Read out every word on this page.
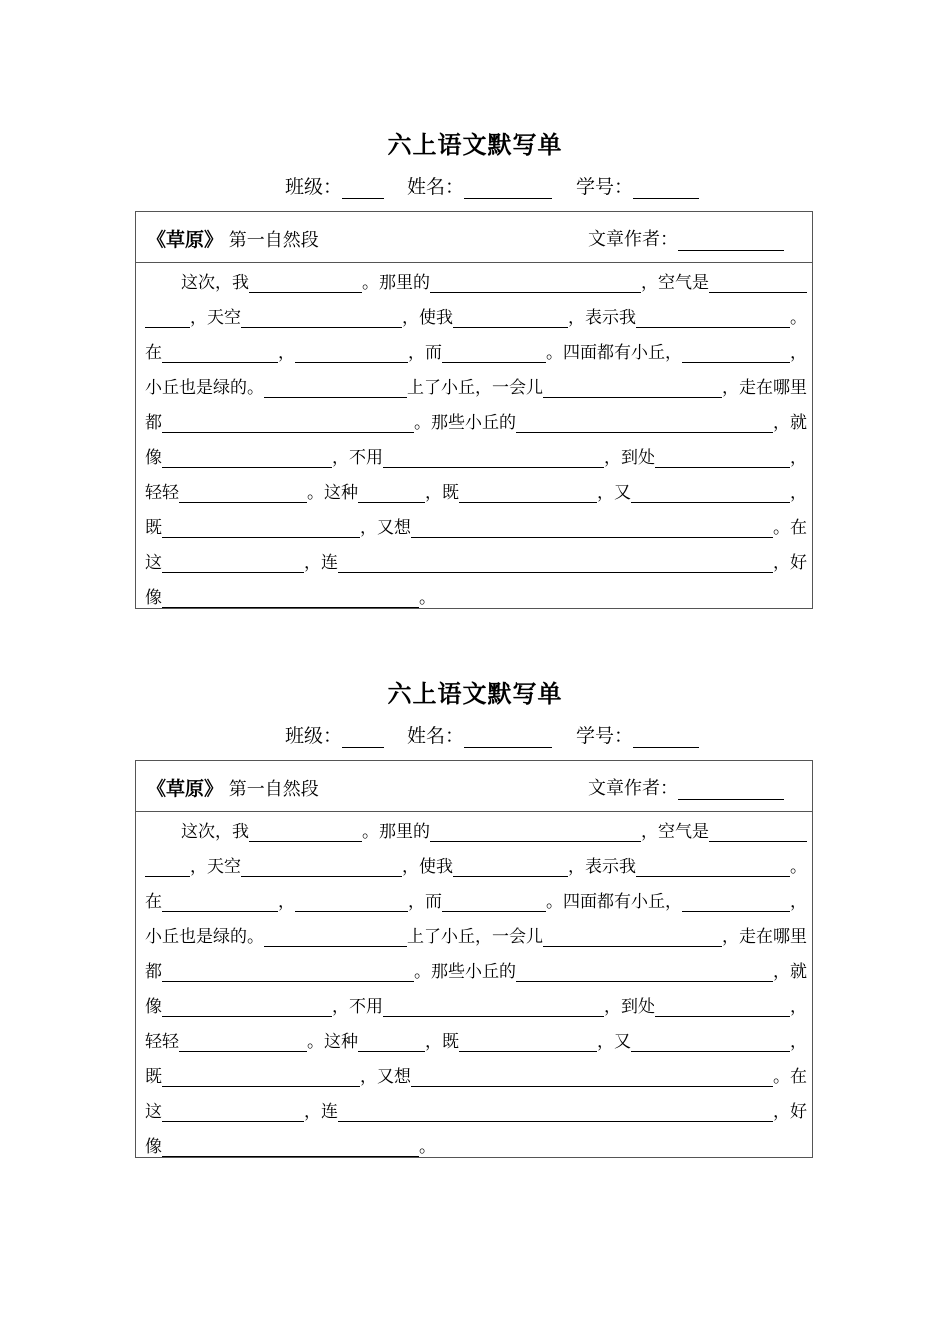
六上语文默写单
班级：	姓名：	学号：
《草原》 第一自然段	文章作者：
这次，我	。那里的	，空气是
，天空	，使我	，表示我	。
在	，	，而	。四面都有小丘，	，
小丘也是绿的。	上了小丘，一会儿	，走在哪里
都	。那些小丘的	，就
像	，不用	，到处	，
轻轻	。这种	，既	，又	，
既	，又想	。在
这	，连	，好
像	。
六上语文默写单
班级：	姓名：	学号：
《草原》 第一自然段	文章作者：
这次，我	。那里的	，空气是
，天空	，使我	，表示我	。
在	，	，而	。四面都有小丘，	，
小丘也是绿的。	上了小丘，一会儿	，走在哪里
都	。那些小丘的	，就
像	，不用	，到处	，
轻轻	。这种	，既	，又	，
既	，又想	。在
这	，连	，好
像	。
